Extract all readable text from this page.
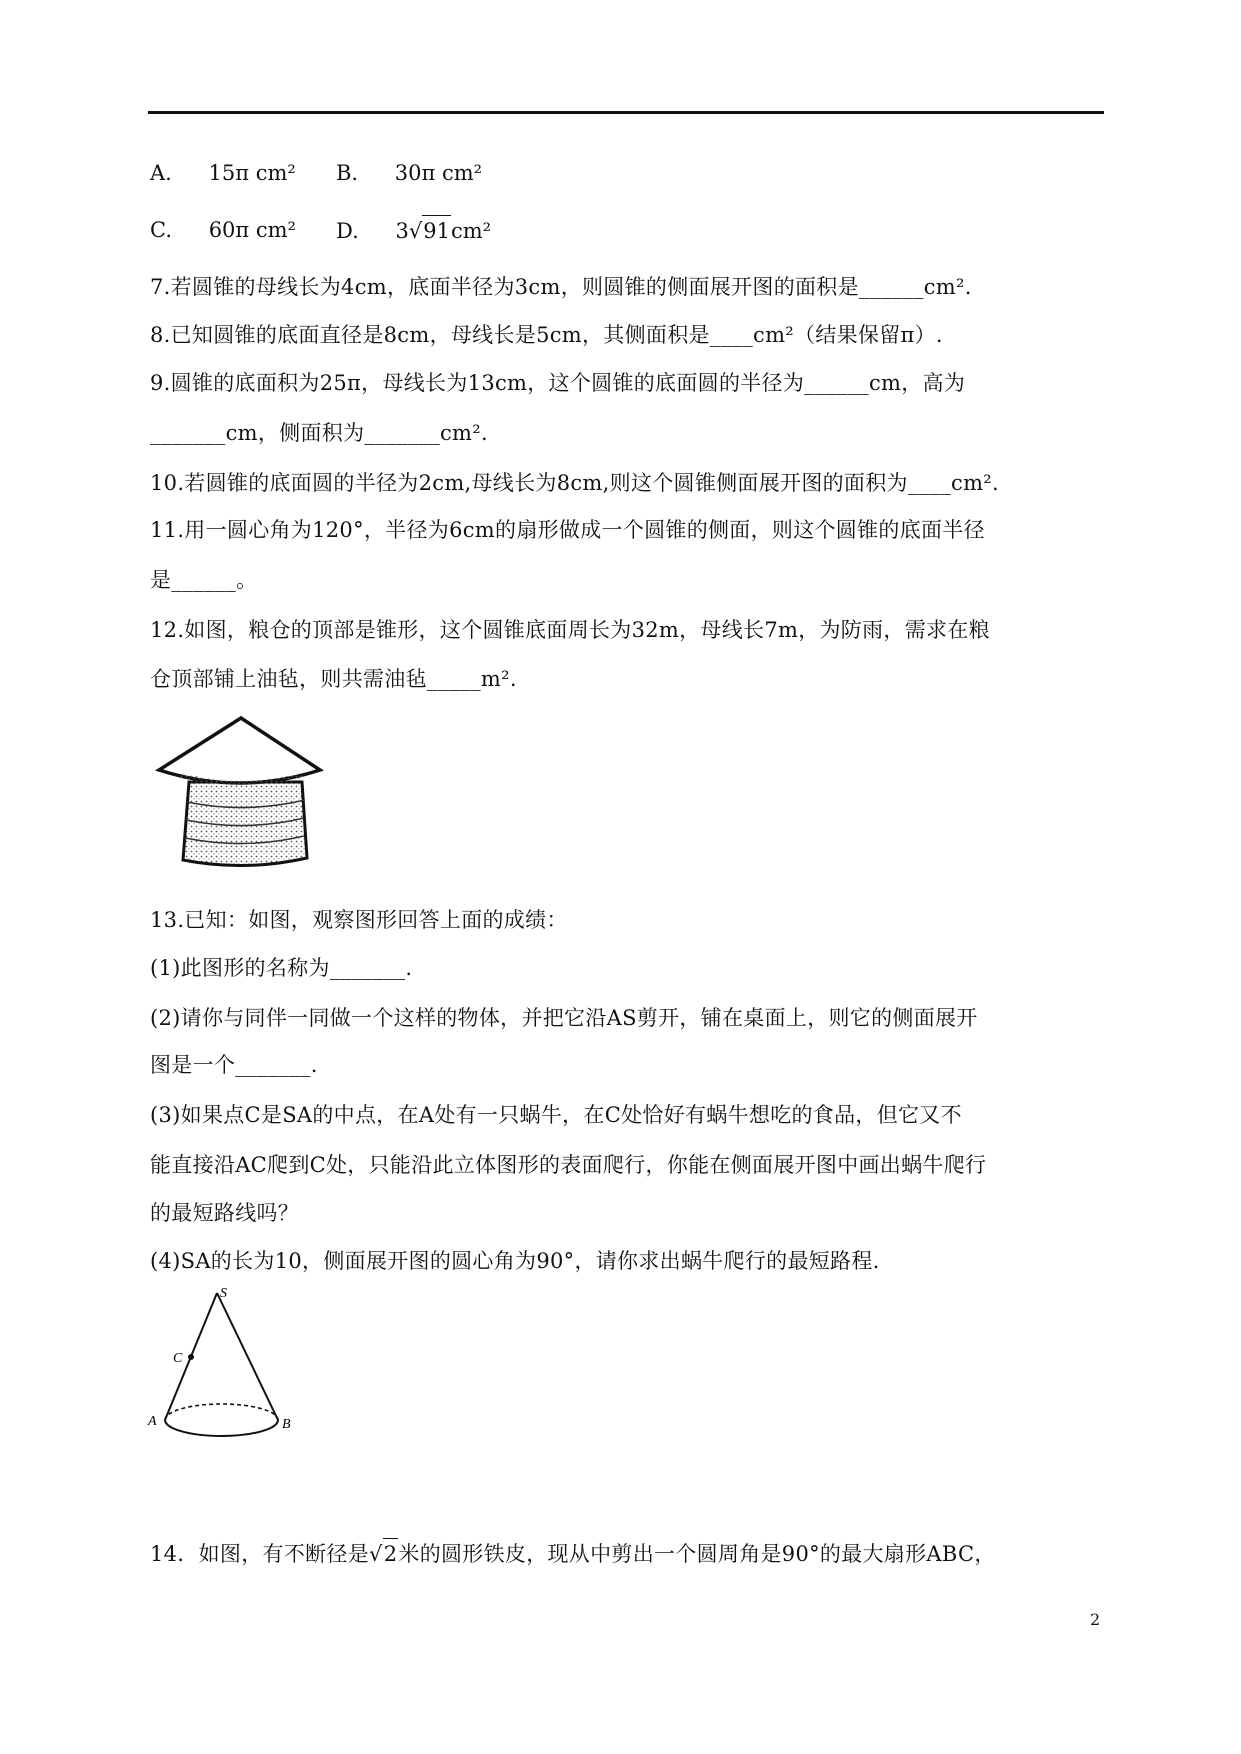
A. 15π cm² B. 30π cm²
C. 60π cm² D. 3√91cm²
7.若圆锥的母线长为4cm，底面半径为3cm，则圆锥的侧面展开图的面积是______cm².
8.已知圆锥的底面直径是8cm，母线长是5cm，其侧面积是____cm²（结果保留π）.
9.圆锥的底面积为25π，母线长为13cm，这个圆锥的底面圆的半径为______cm，高为
_______cm，侧面积为_______cm².
10.若圆锥的底面圆的半径为2cm,母线长为8cm,则这个圆锥侧面展开图的面积为____cm².
11.用一圆心角为120°，半径为6cm的扇形做成一个圆锥的侧面，则这个圆锥的底面半径
是______。
12.如图，粮仓的顶部是锥形，这个圆锥底面周长为32m，母线长7m，为防雨，需求在粮
仓顶部铺上油毡，则共需油毡_____m².
13.已知：如图，观察图形回答上面的成绩：
(1)此图形的名称为_______.
(2)请你与同伴一同做一个这样的物体，并把它沿AS剪开，铺在桌面上，则它的侧面展开
图是一个_______.
(3)如果点C是SA的中点，在A处有一只蜗牛，在C处恰好有蜗牛想吃的食品，但它又不
能直接沿AC爬到C处，只能沿此立体图形的表面爬行，你能在侧面展开图中画出蜗牛爬行
的最短路线吗？
(4)SA的长为10，侧面展开图的圆心角为90°，请你求出蜗牛爬行的最短路程.
S
C
A	B
14．如图，有不断径是√2米的圆形铁皮，现从中剪出一个圆周角是90°的最大扇形ABC，
2
